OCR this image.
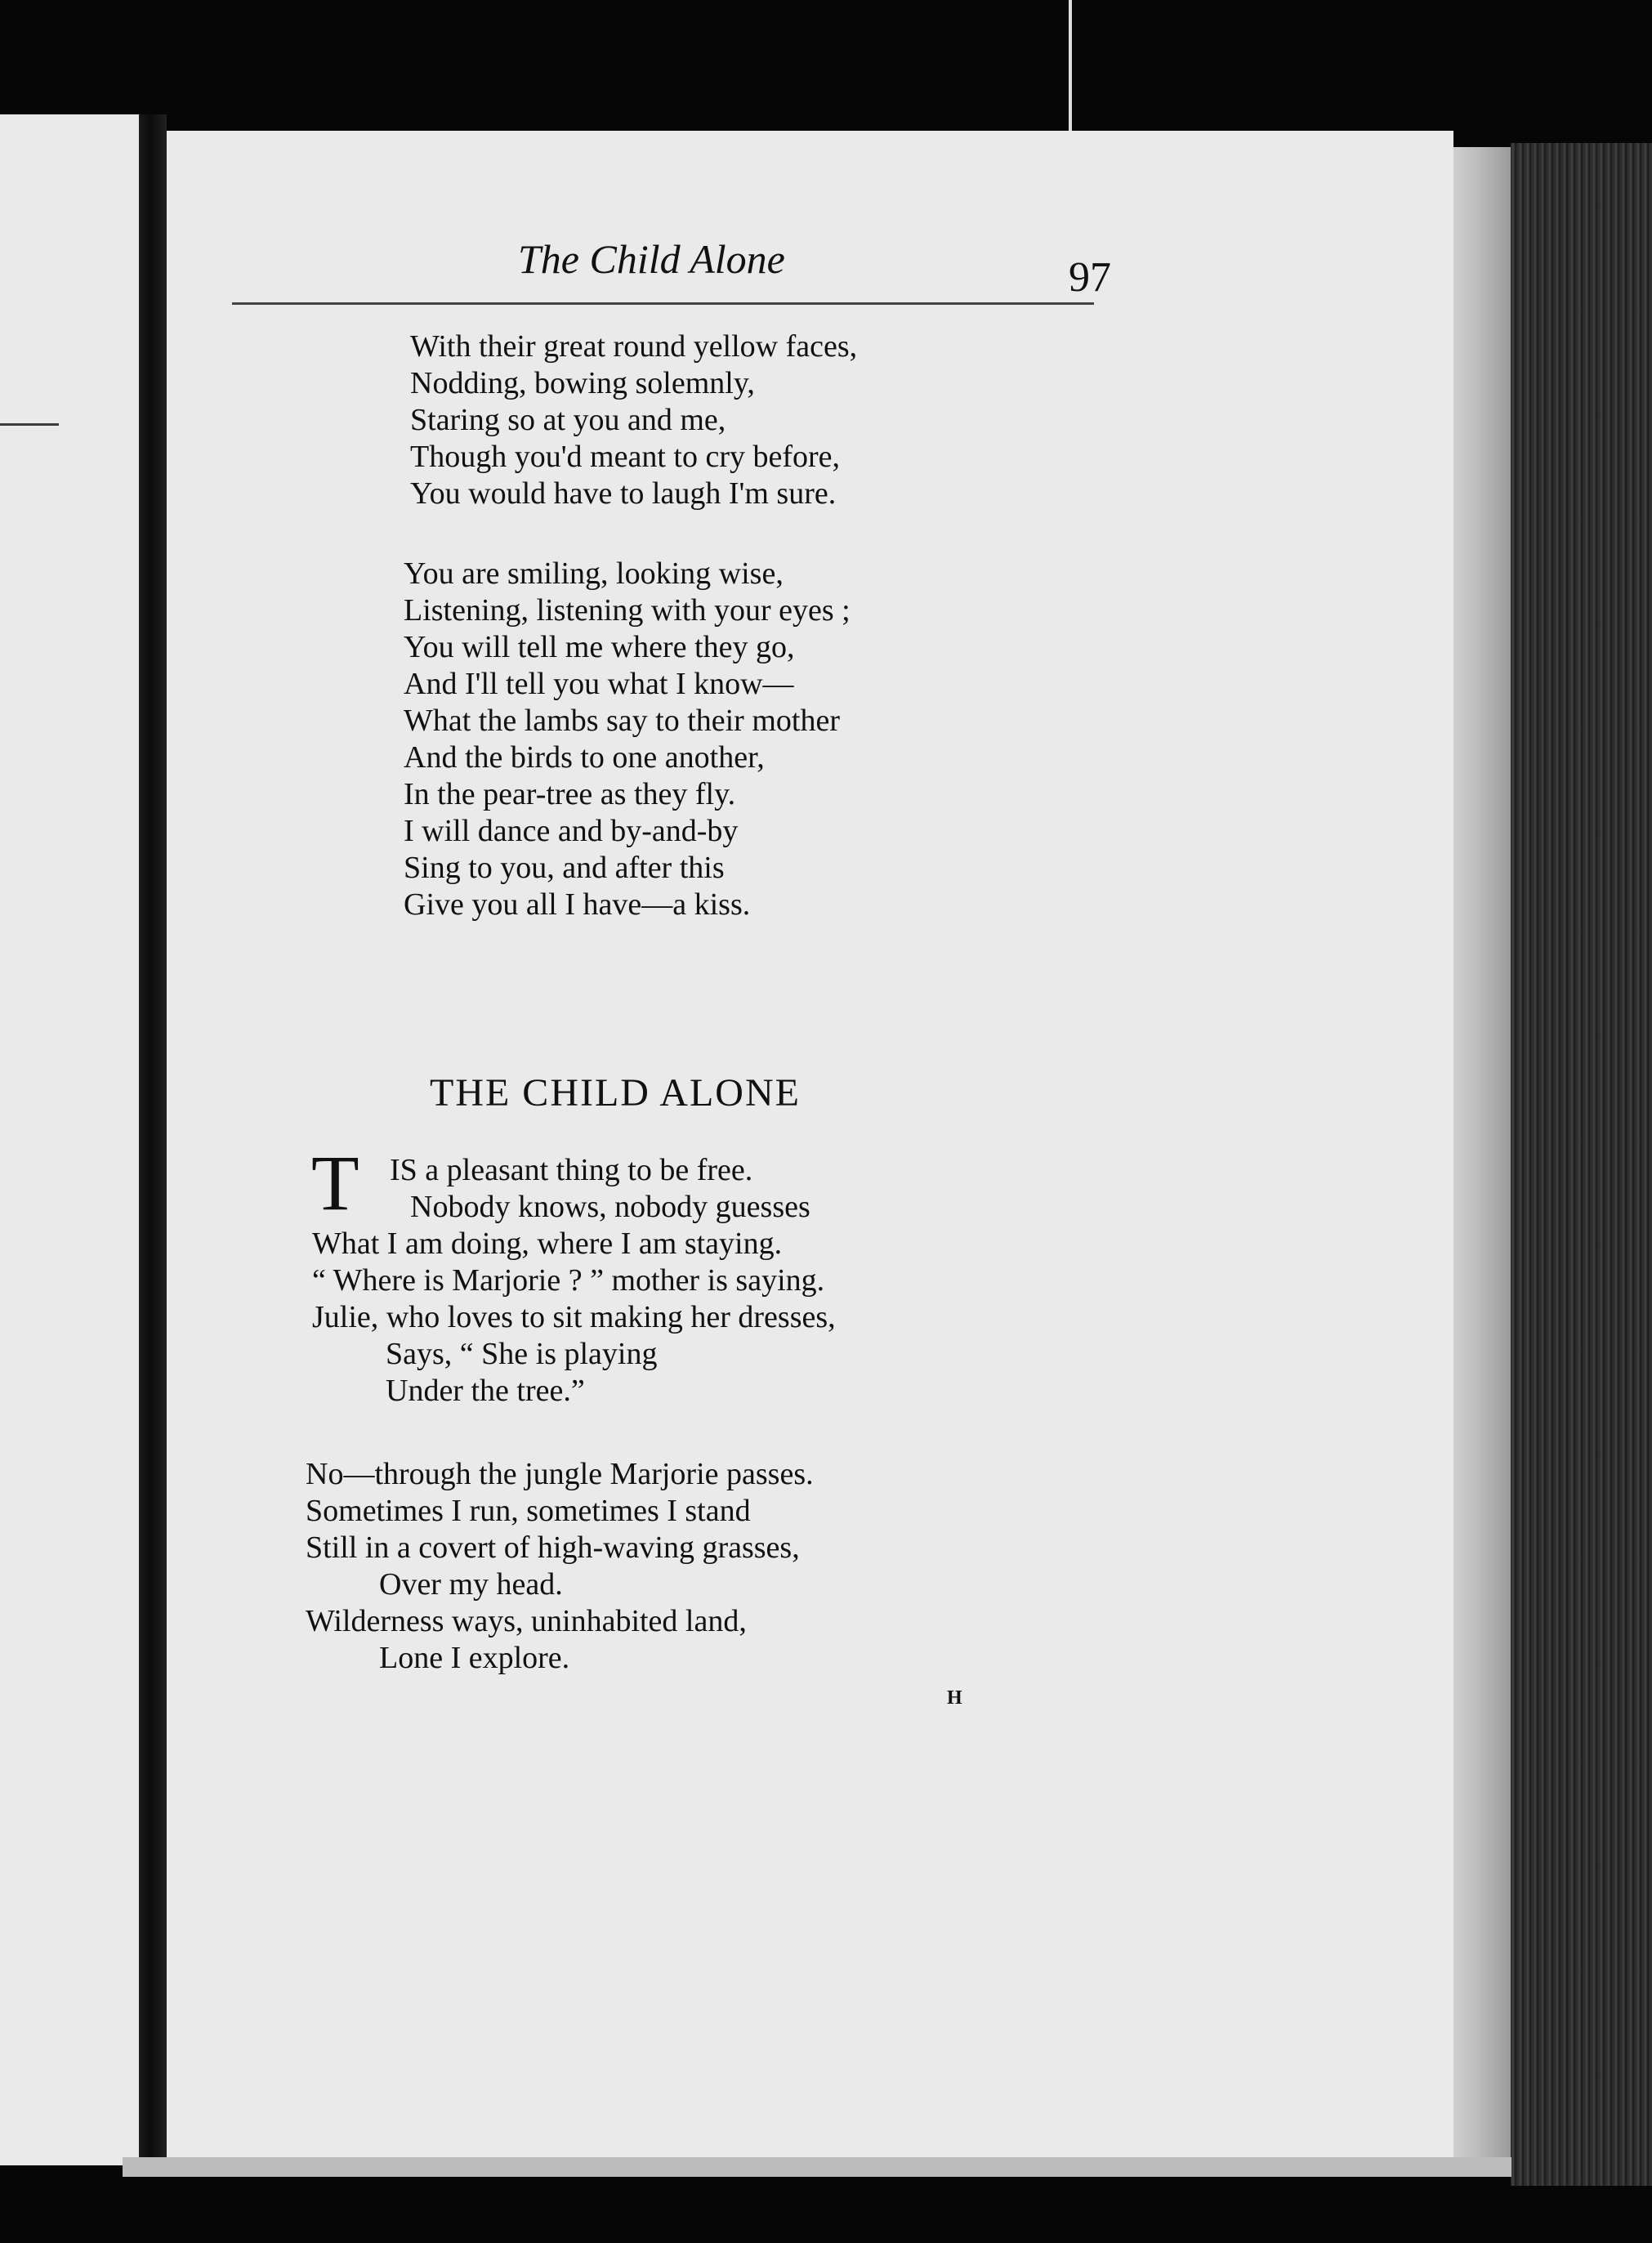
The Child Alone	97

With their great round yellow faces,
Nodding, bowing solemnly,
Staring so at you and me,
Though you'd meant to cry before,
You would have to laugh I'm sure.
You are smiling, looking wise,
Listening, listening with your eyes ;
You will tell me where they go,
And I'll tell you what I know—
What the lambs say to their mother
And the birds to one another,
In the pear-tree as they fly.
I will dance and by-and-by
Sing to you, and after this
Give you all I have—a kiss.

THE CHILD ALONE

T IS a pleasant thing to be free.
Nobody knows, nobody guesses
What I am doing, where I am staying.
“ Where is Marjorie ? ” mother is saying.
Julie, who loves to sit making her dresses,
Says, “ She is playing
Under the tree.”
No—through the jungle Marjorie passes.
Sometimes I run, sometimes I stand
Still in a covert of high-waving grasses,
Over my head.
Wilderness ways, uninhabited land,
Lone I explore.

H
